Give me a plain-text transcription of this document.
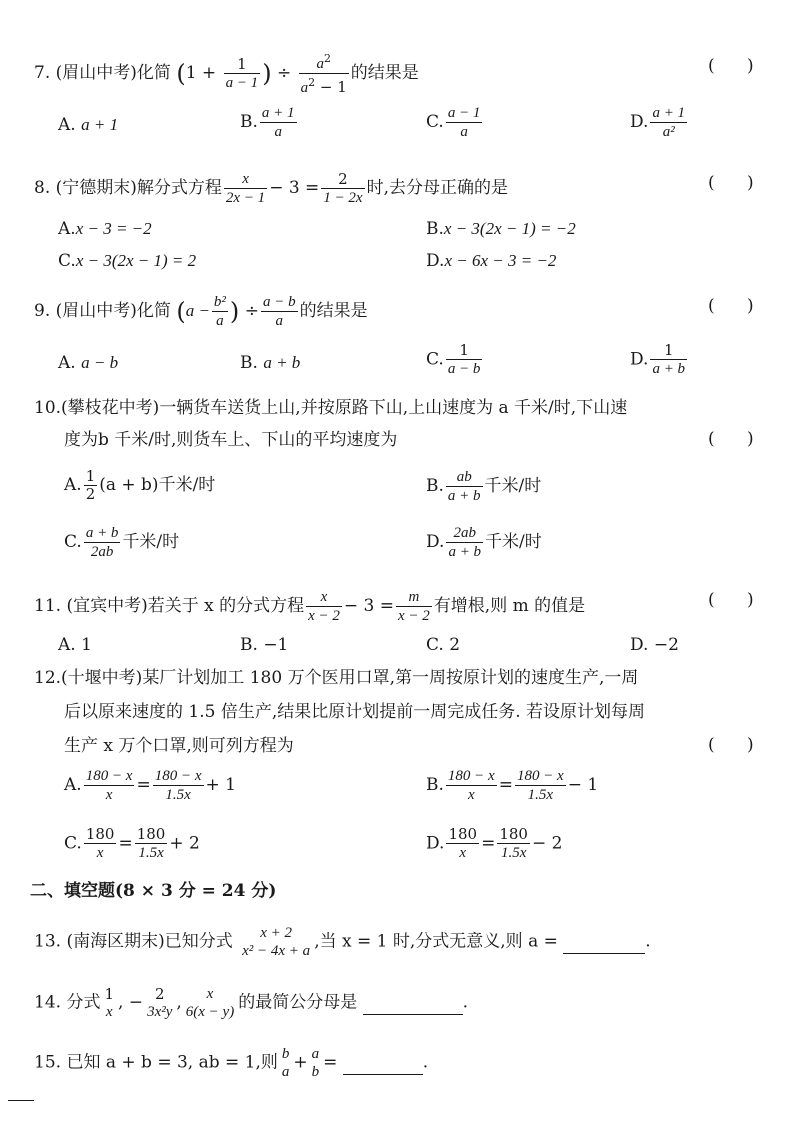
7. (眉山中考)化简 ($1 + \frac{1}{a - 1}$ ) ÷ $\frac{a^2}{a^2 - 1}$ 的结果是	(      )
A. a + 1	B. $\frac{a + 1}{a}$	C. $\frac{a - 1}{a}$	D. $\frac{a + 1}{\text{a²}}$
8. (宁德期末)解分式方程 $\frac{x}{2x - 1} - 3 = \frac{2}{1 - 2x}$ 时,去分母正确的是	(      )
A.x − 3 = −2	B.x − 3(2x − 1) = −2
C.x − 3(2x − 1) = 2	D.x − 6x − 3 = −2
9. (眉山中考)化简 ($a - \frac{\text{b²}}{a}$ ) ÷ $\frac{a - b}{a}$ 的结果是	(      )
A. a − b	B. a + b	C. $\frac{1}{a - b}$	D. $\frac{1}{a + b}$
10.(攀枝花中考)一辆货车送货上山,并按原路下山,上山速度为 a 千米/时,下山速
度为b 千米/时,则货车上、下山的平均速度为	(      )
A. $\frac{1}{2} (a + b)$千米/时	B. $\frac{ab}{a + b}$ 千米/时
C. $\frac{a + b}{2ab}$ 千米/时	D. $\frac{2ab}{a + b}$ 千米/时
11. (宜宾中考)若关于 x 的分式方程 $\frac{x}{x - 2} - 3 = \frac{m}{x - 2}$ 有增根,则 m 的值是	(      )
A. 1	B. −1	C. 2	D. −2
12.(十堰中考)某厂计划加工 180 万个医用口罩,第一周按原计划的速度生产,一周
后以原来速度的 1.5 倍生产,结果比原计划提前一周完成任务. 若设原计划每周
生产 x 万个口罩,则可列方程为	(      )
A. $\frac{180 - x}{x} = \frac{180 - x}{1.5x} + 1$	B. $\frac{180 - x}{x} = \frac{180 - x}{1.5x} - 1$
C. $\frac{180}{x} = \frac{180}{1.5x} + 2$	D. $\frac{180}{x} = \frac{180}{1.5x} - 2$
二、填空题(8 × 3 分 = 24 分)
13. (南海区期末)已知分式	x + 2
x² − 4x + a ,当 x = 1 时,分式无意义,则 a =	.
14. 分式 1
x , − 2
3x²y ,	x
6(x − y) 的最简公分母是	.
15. 已知 a + b = 3, ab = 1,则 b
a + a
b =	.
